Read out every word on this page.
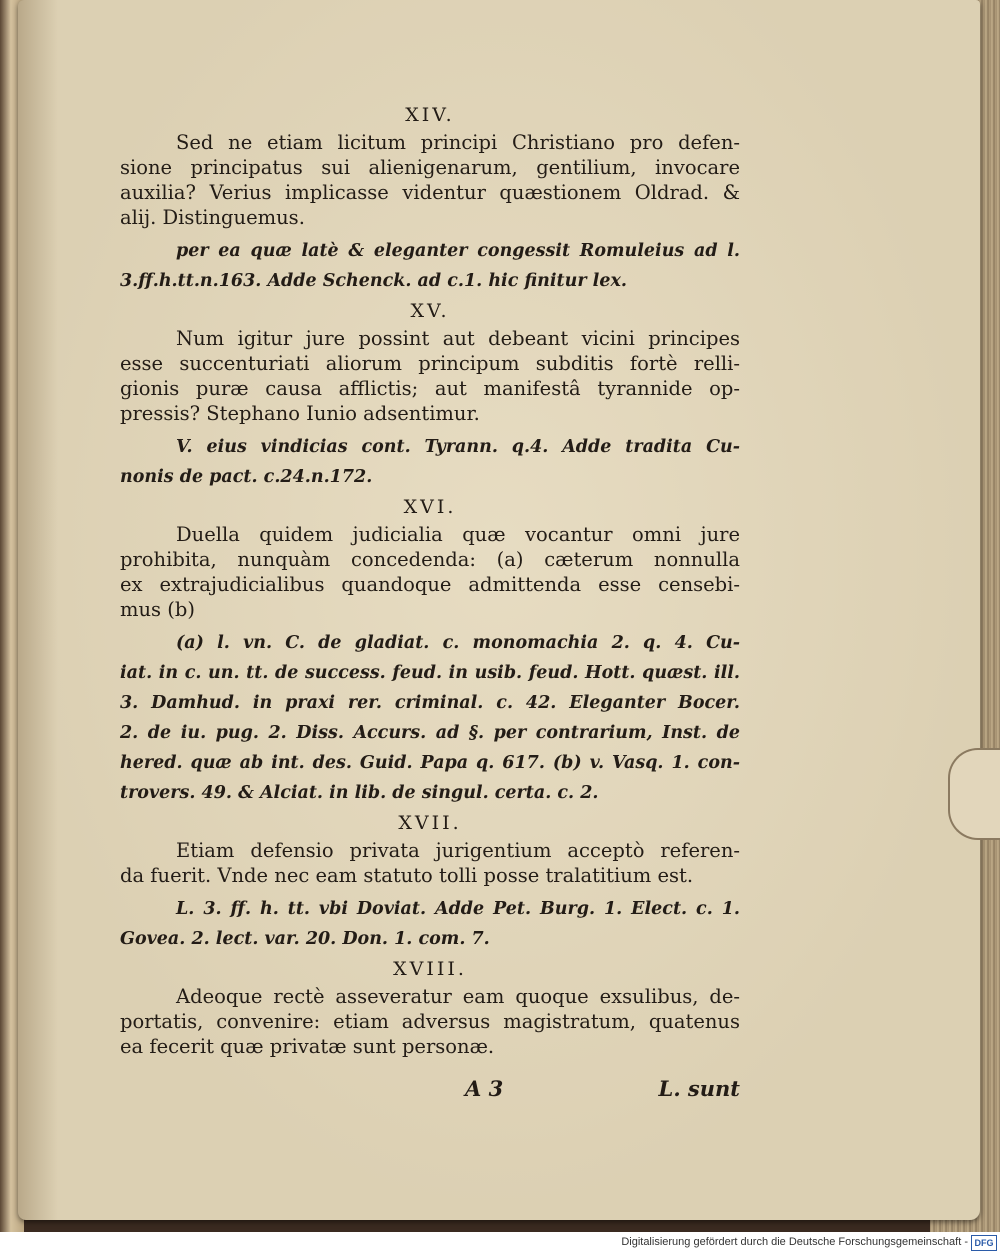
XIV.
Sed ne etiam licitum principi Christiano pro defen-
sione principatus sui alienigenarum, gentilium, invocare
auxilia? Verius implicasse videntur quæstionem Oldrad. &
alij. Distinguemus.
per ea quæ latè & eleganter congessit Romuleius ad l.
3.ff.h.tt.n.163. Adde Schenck. ad c.1. hic finitur lex.
XV.
Num igitur jure possint aut debeant vicini principes
esse succenturiati aliorum principum subditis fortè relli-
gionis puræ causa afflictis; aut manifestâ tyrannide op-
pressis? Stephano Iunio adsentimur.
V. eius vindicias cont. Tyrann. q.4. Adde tradita Cu-
nonis de pact. c.24.n.172.
XVI.
Duella quidem judicialia quæ vocantur omni jure
prohibita, nunquàm concedenda: (a) cæterum nonnulla
ex extrajudicialibus quandoque admittenda esse censebi-
mus (b)
(a) l. vn. C. de gladiat. c. monomachia 2. q. 4. Cu-
iat. in c. un. tt. de success. feud. in usib. feud. Hott. quæst. ill.
3. Damhud. in praxi rer. criminal. c. 42. Eleganter Bocer.
2. de iu. pug. 2. Diss. Accurs. ad §. per contrarium, Inst. de
hered. quæ ab int. des. Guid. Papa q. 617. (b) v. Vasq. 1. con-
trovers. 49. & Alciat. in lib. de singul. certa. c. 2.
XVII.
Etiam defensio privata jurigentium acceptò referen-
da fuerit. Vnde nec eam statuto tolli posse tralatitium est.
L. 3. ff. h. tt. vbi Doviat. Adde Pet. Burg. 1. Elect. c. 1.
Govea. 2. lect. var. 20. Don. 1. com. 7.
XVIII.
Adeoque rectè asseveratur eam quoque exsulibus, de-
portatis, convenire: etiam adversus magistratum, quatenus
ea fecerit quæ privatæ sunt personæ.
A 3	L. sunt
Digitalisierung gefördert durch die Deutsche Forschungsgemeinschaft - DFG
